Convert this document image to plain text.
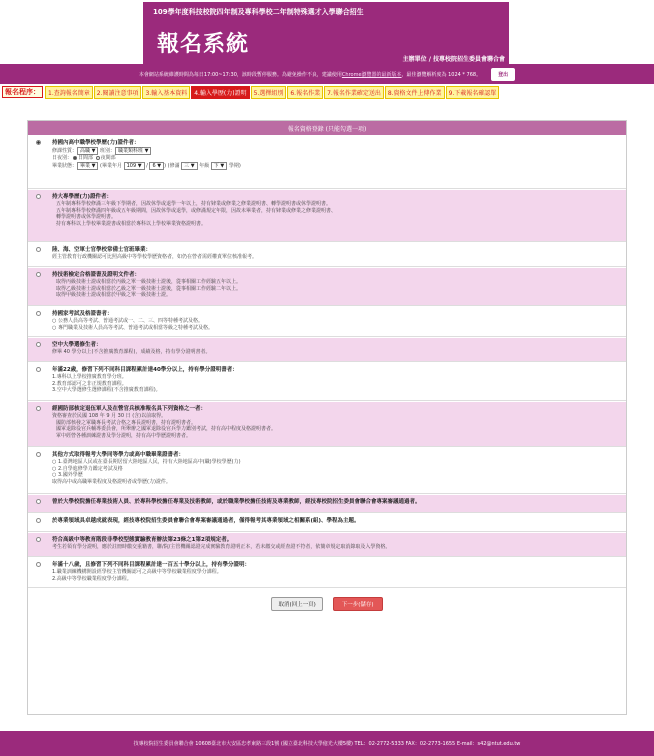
109學年度科技校院四年制及專科學校二年制特殊選才入學聯合招生
報名系統
主辦單位 / 技專校院招生委員會聯合會
本會網站系統維護時間為每日17:00~17:30，該時段暫停服務。為避免操作不良，建議使用 Chrome瀏覽器的最新版本 ，最佳瀏覽解析度為 1024 * 768。	登出
報名程序：	1.查詢報名簡章	2.閱讀注意事項	3.輸入基本資料	4.輸入學歷(力)證明	5.選擇組別	6.報名作業	7.報名作業確定送出	8.資格文件上傳作業	9.下載報名確認單
報名資格登錄 (只能勾選一項)
持國內高中職學校學歷(力)證件者：
修課性質： 高職 ▼ 班別： 職業類科班 ▼
日夜別： 日間部 夜間部
畢業狀態： 畢業 ▼ (畢業年月 109 ▼ / 6 ▼ ) (修滿 三 ▼ 年級 下 ▼ 學期)
持大專學歷(力)證件者：
五年制專科學校修滿三年級下學期者，因故休學或退學一年以上，持有肄業或修業之修業證明書、轉學證明書或休學證明書。
五年制專科學校修滿四年級或五年級期間，因故休學或退學，或修滿規定年限，因故未畢業者，持有肄業或修業之修業證明書、
轉學證明書或休學證明書。
持有專科以上學校畢業證書或相當於專科以上學校畢業資格證明書。
陸、海、空軍士官學校常備士官班畢業：
經主管教育行政機關認可比照高級中等學校學歷資格者，如仍在營者需經權責單位核准報考。
持技術檢定合格證書及證明文件者：
取得丙級技術士證或相當於丙級之單一級技術士證後，從事相關工作經驗五年以上。
取得乙級技術士證或相當於乙級之單一級技術士證後，從事相關工作經驗二年以上。
取得甲級技術士證或相當於甲級之單一級技術士證。
持國家考試及格證書者：
○ 公務人員高等考試、普通考試或一、二、三、四等特種考試及格。
○ 專門職業及技術人員高等考試、普通考試或相當等級之特種考試及格。
空中大學選修生者：
修畢 40 學分以上(不含推廣教育課程)，成績及格，持有學分證明書者。
年滿22歲，修習下列不同科目課程累計達40學分以上，持有學分證明書者：
1.專科以上學校推廣教育學分班。
2.教育部認可之非正規教育課程。
3.空中大學選修生選修課程(不含推廣教育課程)。
經國防部核定退伍軍人及在營官兵核准報名具下列資格之一者：
資格審查於民國 108 年 9 月 30 日 (含)以前取得。
國防部核發之軍職專長考試合格之專長證明書，持有證明書者。
國軍退除役官兵輔導委員會，所舉辦之國軍退除役官兵學力鑑別考試，持有高中程度及格證明書者。
軍中經營各種訓練證書及學分證明，持有高中學歷證明書者。
其他方式取得報考大學同等學力或高中職畢業證書者：
○ 1.臺灣地區人民或在臺長期居留大陸地區人民，持有大陸地區高中(職)學校學歷(力)
○ 2.自學進修學力鑑定考試及格
○ 3.國外學歷
取得高中或高職畢業程度及格證明者或學歷(力)證件。
曾於大學校院擔任專業技術人員、於專科學校擔任專業及技術教師，或於職業學校擔任技術及專業教師，經技專校院招生委員會聯合會專案審議通過者。
於專業領域具卓越成就表現，經技專校院招生委員會聯合會專案審議通過者，僅得報考其專業領域之相關系(組)、學程為主題。
符合高級中等教育階段非學校型態實驗教育辦法第23條之1第2項規定者。
考生若領有學分證明，應於註冊時繳交重籍書，聯/院/主管機關認證完成實驗教育證明正本，若未繳交或經查證不符者，依簡章規定取消錄取及入學資格。
年滿十八歲，且修習下列不同科目課程累計達一百五十學分以上，持有學分證明：
1.職業訓練機構開設經學校主管機關認可之高級中等學校職業程度學分課程。
2.高級中等學校職業程度學分課程。
取消(回上一頁)	下一步(儲存)
技專校院招生委員會聯合會 10608臺北市大安區忠孝東路三段1號 (國立臺北科技大學億光大樓5樓) TEL：02-2772-5333 FAX：02-2773-1655 E-mail：s42@ntut.edu.tw
